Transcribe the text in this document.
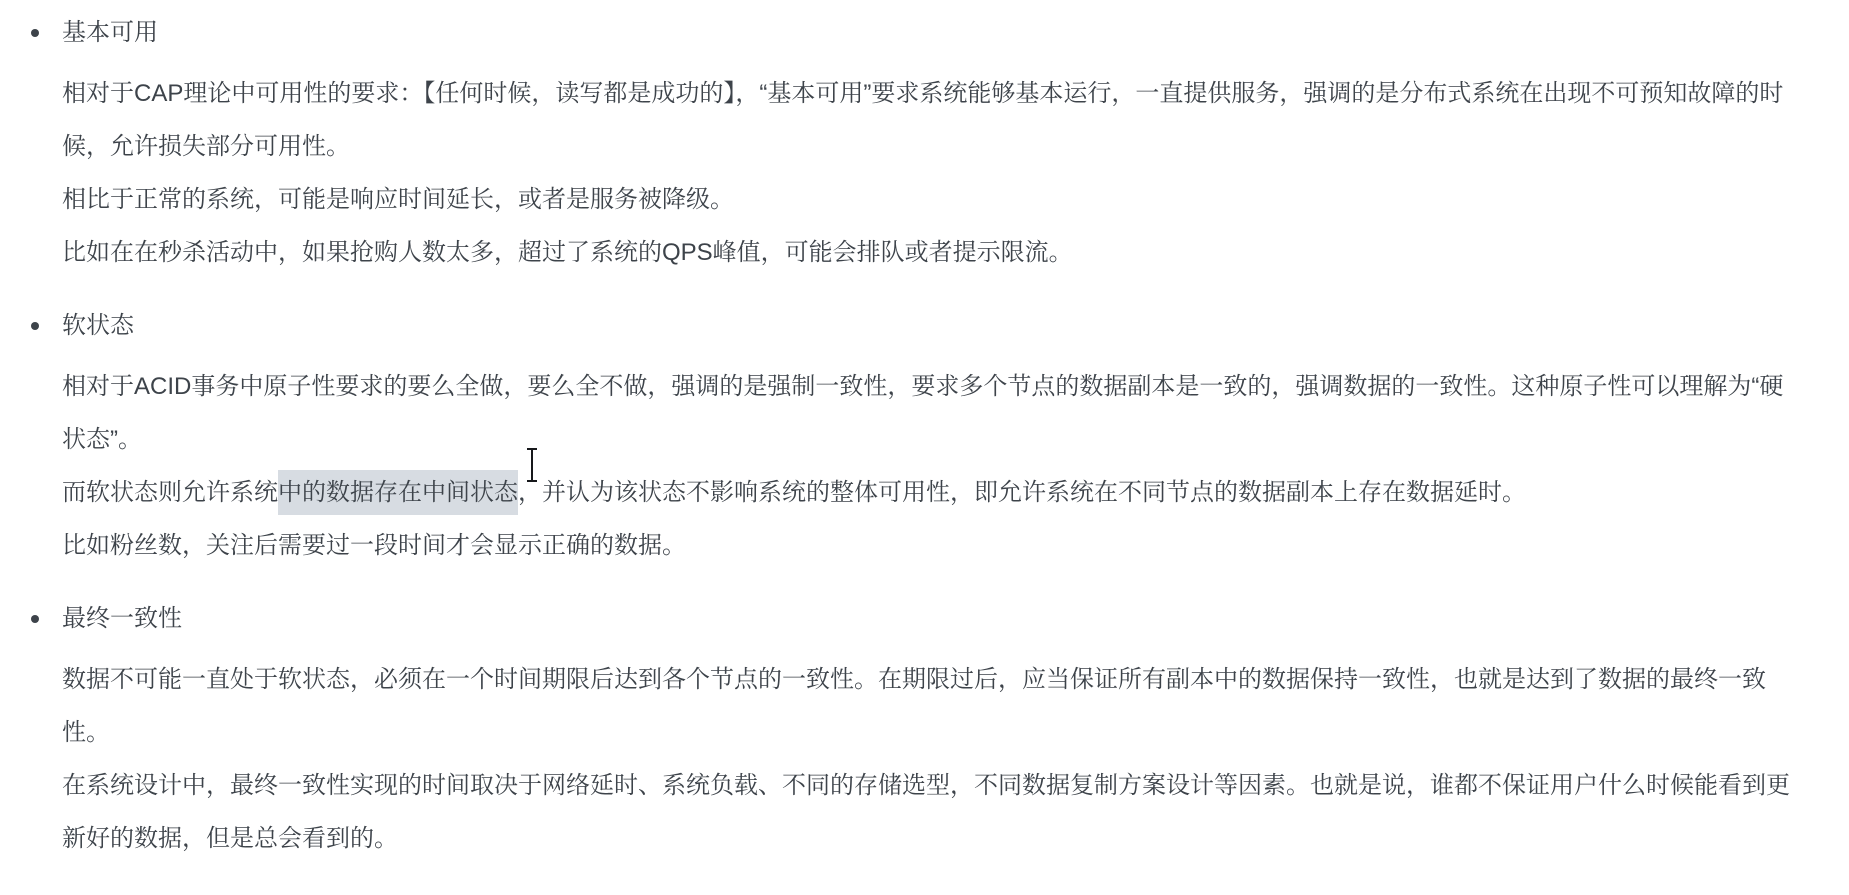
基本可用

相对于CAP理论中可用性的要求：【任何时候，读写都是成功的】，“基本可用”要求系统能够基本运行，一直提供服务，强调的是分布式系统在出现不可预知故障的时候，允许损失部分可用性。

相比于正常的系统，可能是响应时间延长，或者是服务被降级。

比如在在秒杀活动中，如果抢购人数太多，超过了系统的QPS峰值，可能会排队或者提示限流。

软状态

相对于ACID事务中原子性要求的要么全做，要么全不做，强调的是强制一致性，要求多个节点的数据副本是一致的，强调数据的一致性。这种原子性可以理解为“硬状态”。

而软状态则允许系统中的数据存在中间状态，并认为该状态不影响系统的整体可用性，即允许系统在不同节点的数据副本上存在数据延时。

比如粉丝数，关注后需要过一段时间才会显示正确的数据。

最终一致性

数据不可能一直处于软状态，必须在一个时间期限后达到各个节点的一致性。在期限过后，应当保证所有副本中的数据保持一致性，也就是达到了数据的最终一致性。

在系统设计中，最终一致性实现的时间取决于网络延时、系统负载、不同的存储选型，不同数据复制方案设计等因素。也就是说，谁都不保证用户什么时候能看到更新好的数据，但是总会看到的。
